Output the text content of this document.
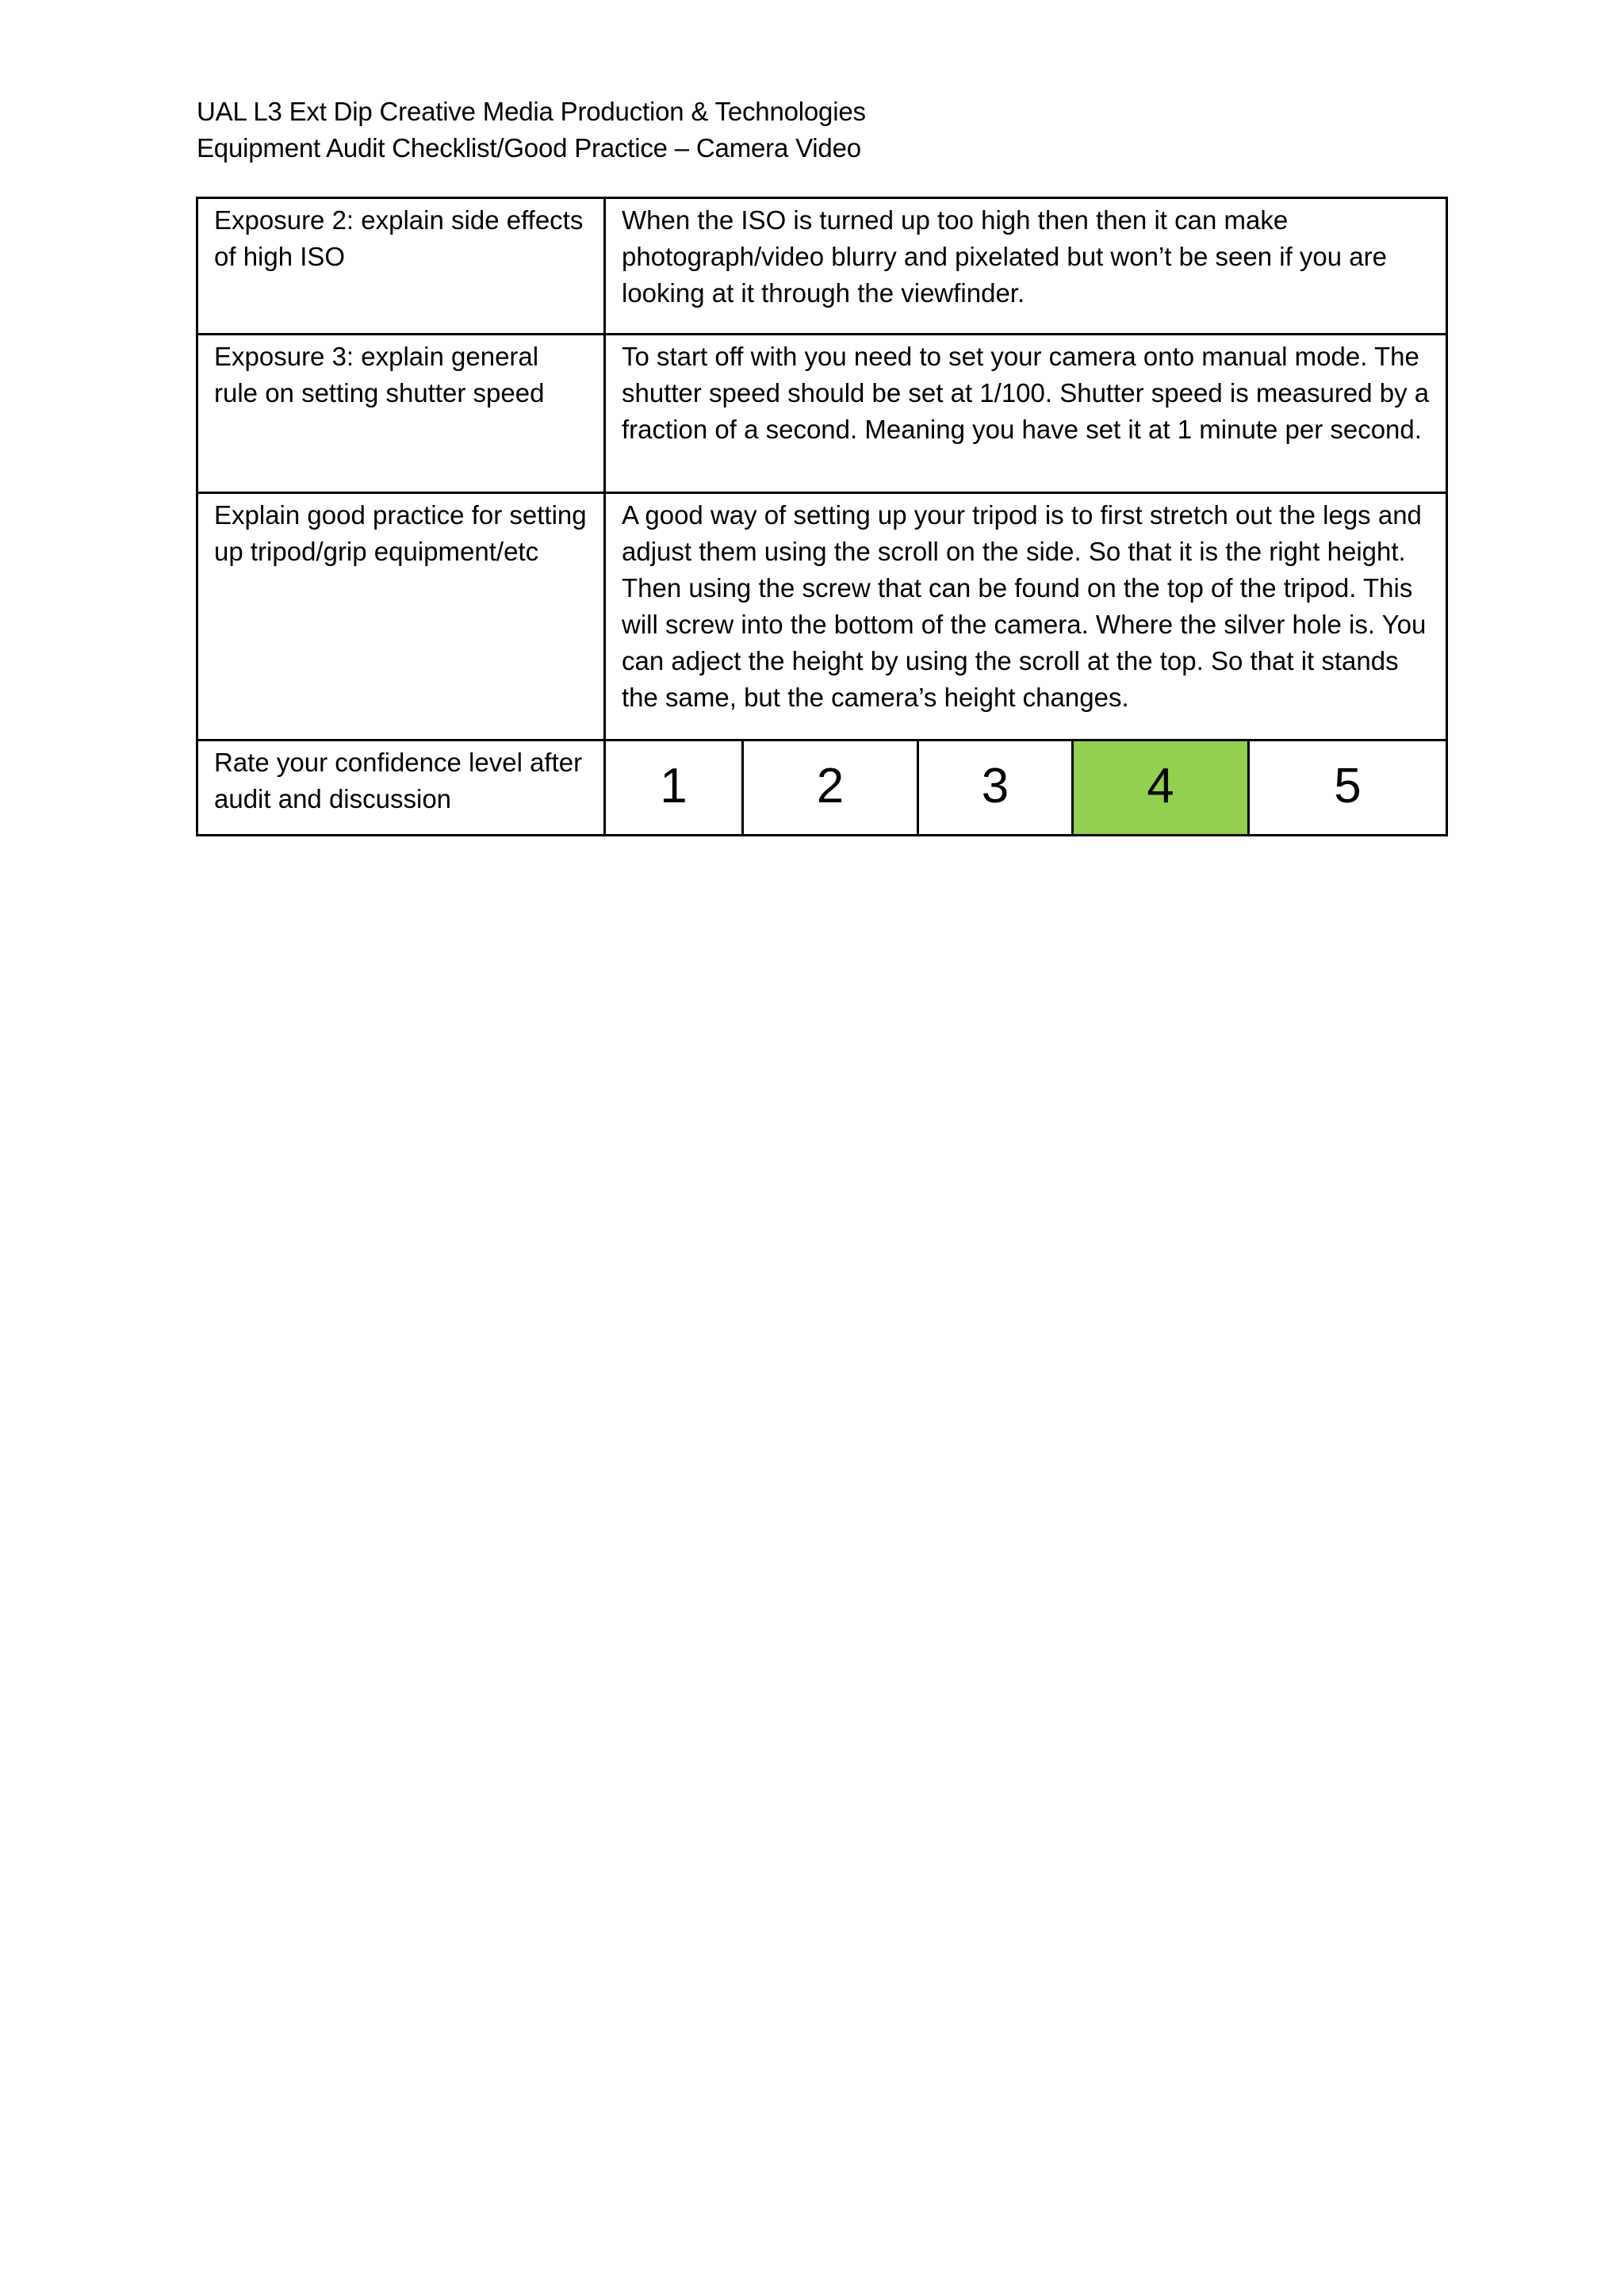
UAL L3 Ext Dip Creative Media Production & Technologies
Equipment Audit Checklist/Good Practice – Camera Video
Exposure 2: explain side effects of high ISO	When the ISO is turned up too high then then it can make photograph/video blurry and pixelated but won’t be seen if you are looking at it through the viewfinder.
Exposure 3: explain general rule on setting shutter speed	To start off with you need to set your camera onto manual mode. The shutter speed should be set at 1/100. Shutter speed is measured by a fraction of a second. Meaning you have set it at 1 minute per second.
Explain good practice for setting up tripod/grip equipment/etc	A good way of setting up your tripod is to first stretch out the legs and adjust them using the scroll on the side. So that it is the right height. Then using the screw that can be found on the top of the tripod. This will screw into the bottom of the camera. Where the silver hole is. You can adject the height by using the scroll at the top. So that it stands the same, but the camera’s height changes.
Rate your confidence level after audit and discussion	1 2 3 4 5
